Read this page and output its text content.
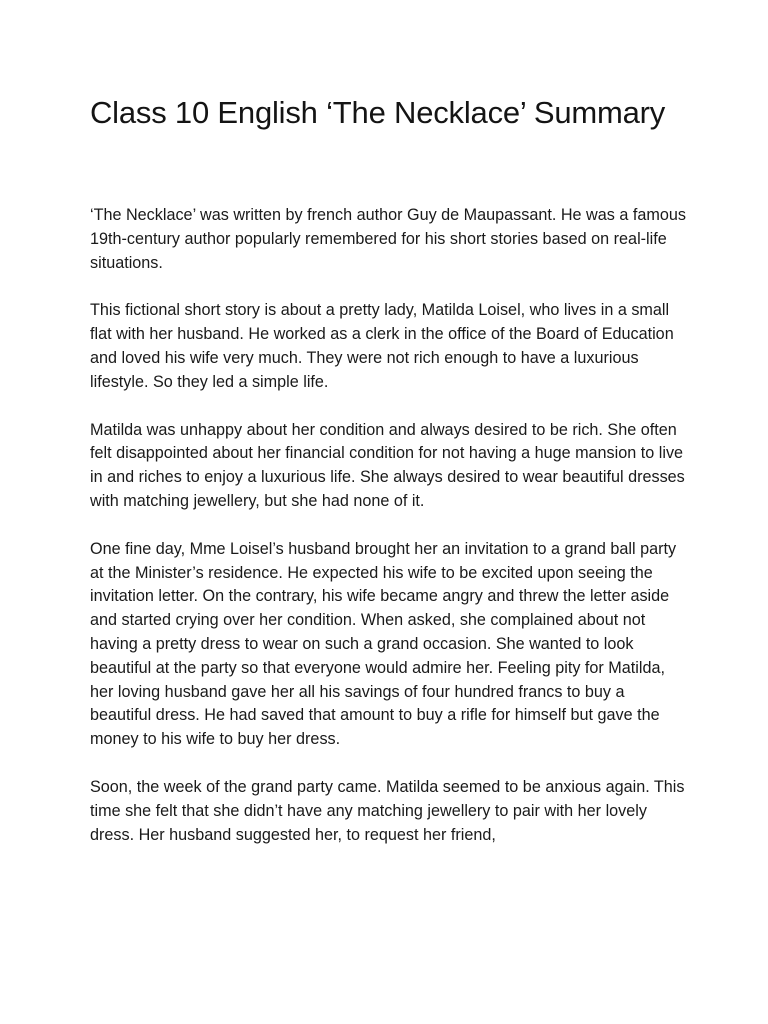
Class 10 English ‘The Necklace’ Summary

‘The Necklace’ was written by french author Guy de Maupassant. He was a famous 19th-century author popularly remembered for his short stories based on real-life situations.

This fictional short story is about a pretty lady, Matilda Loisel, who lives in a small flat with her husband. He worked as a clerk in the office of the Board of Education and loved his wife very much. They were not rich enough to have a luxurious lifestyle. So they led a simple life.

Matilda was unhappy about her condition and always desired to be rich. She often felt disappointed about her financial condition for not having a huge mansion to live in and riches to enjoy a luxurious life. She always desired to wear beautiful dresses with matching jewellery, but she had none of it.

One fine day, Mme Loisel’s husband brought her an invitation to a grand ball party at the Minister’s residence. He expected his wife to be excited upon seeing the invitation letter. On the contrary, his wife became angry and threw the letter aside and started crying over her condition. When asked, she complained about not having a pretty dress to wear on such a grand occasion. She wanted to look beautiful at the party so that everyone would admire her. Feeling pity for Matilda, her loving husband gave her all his savings of four hundred francs to buy a beautiful dress. He had saved that amount to buy a rifle for himself but gave the money to his wife to buy her dress.

Soon, the week of the grand party came. Matilda seemed to be anxious again. This time she felt that she didn’t have any matching jewellery to pair with her lovely dress. Her husband suggested her, to request her friend,
